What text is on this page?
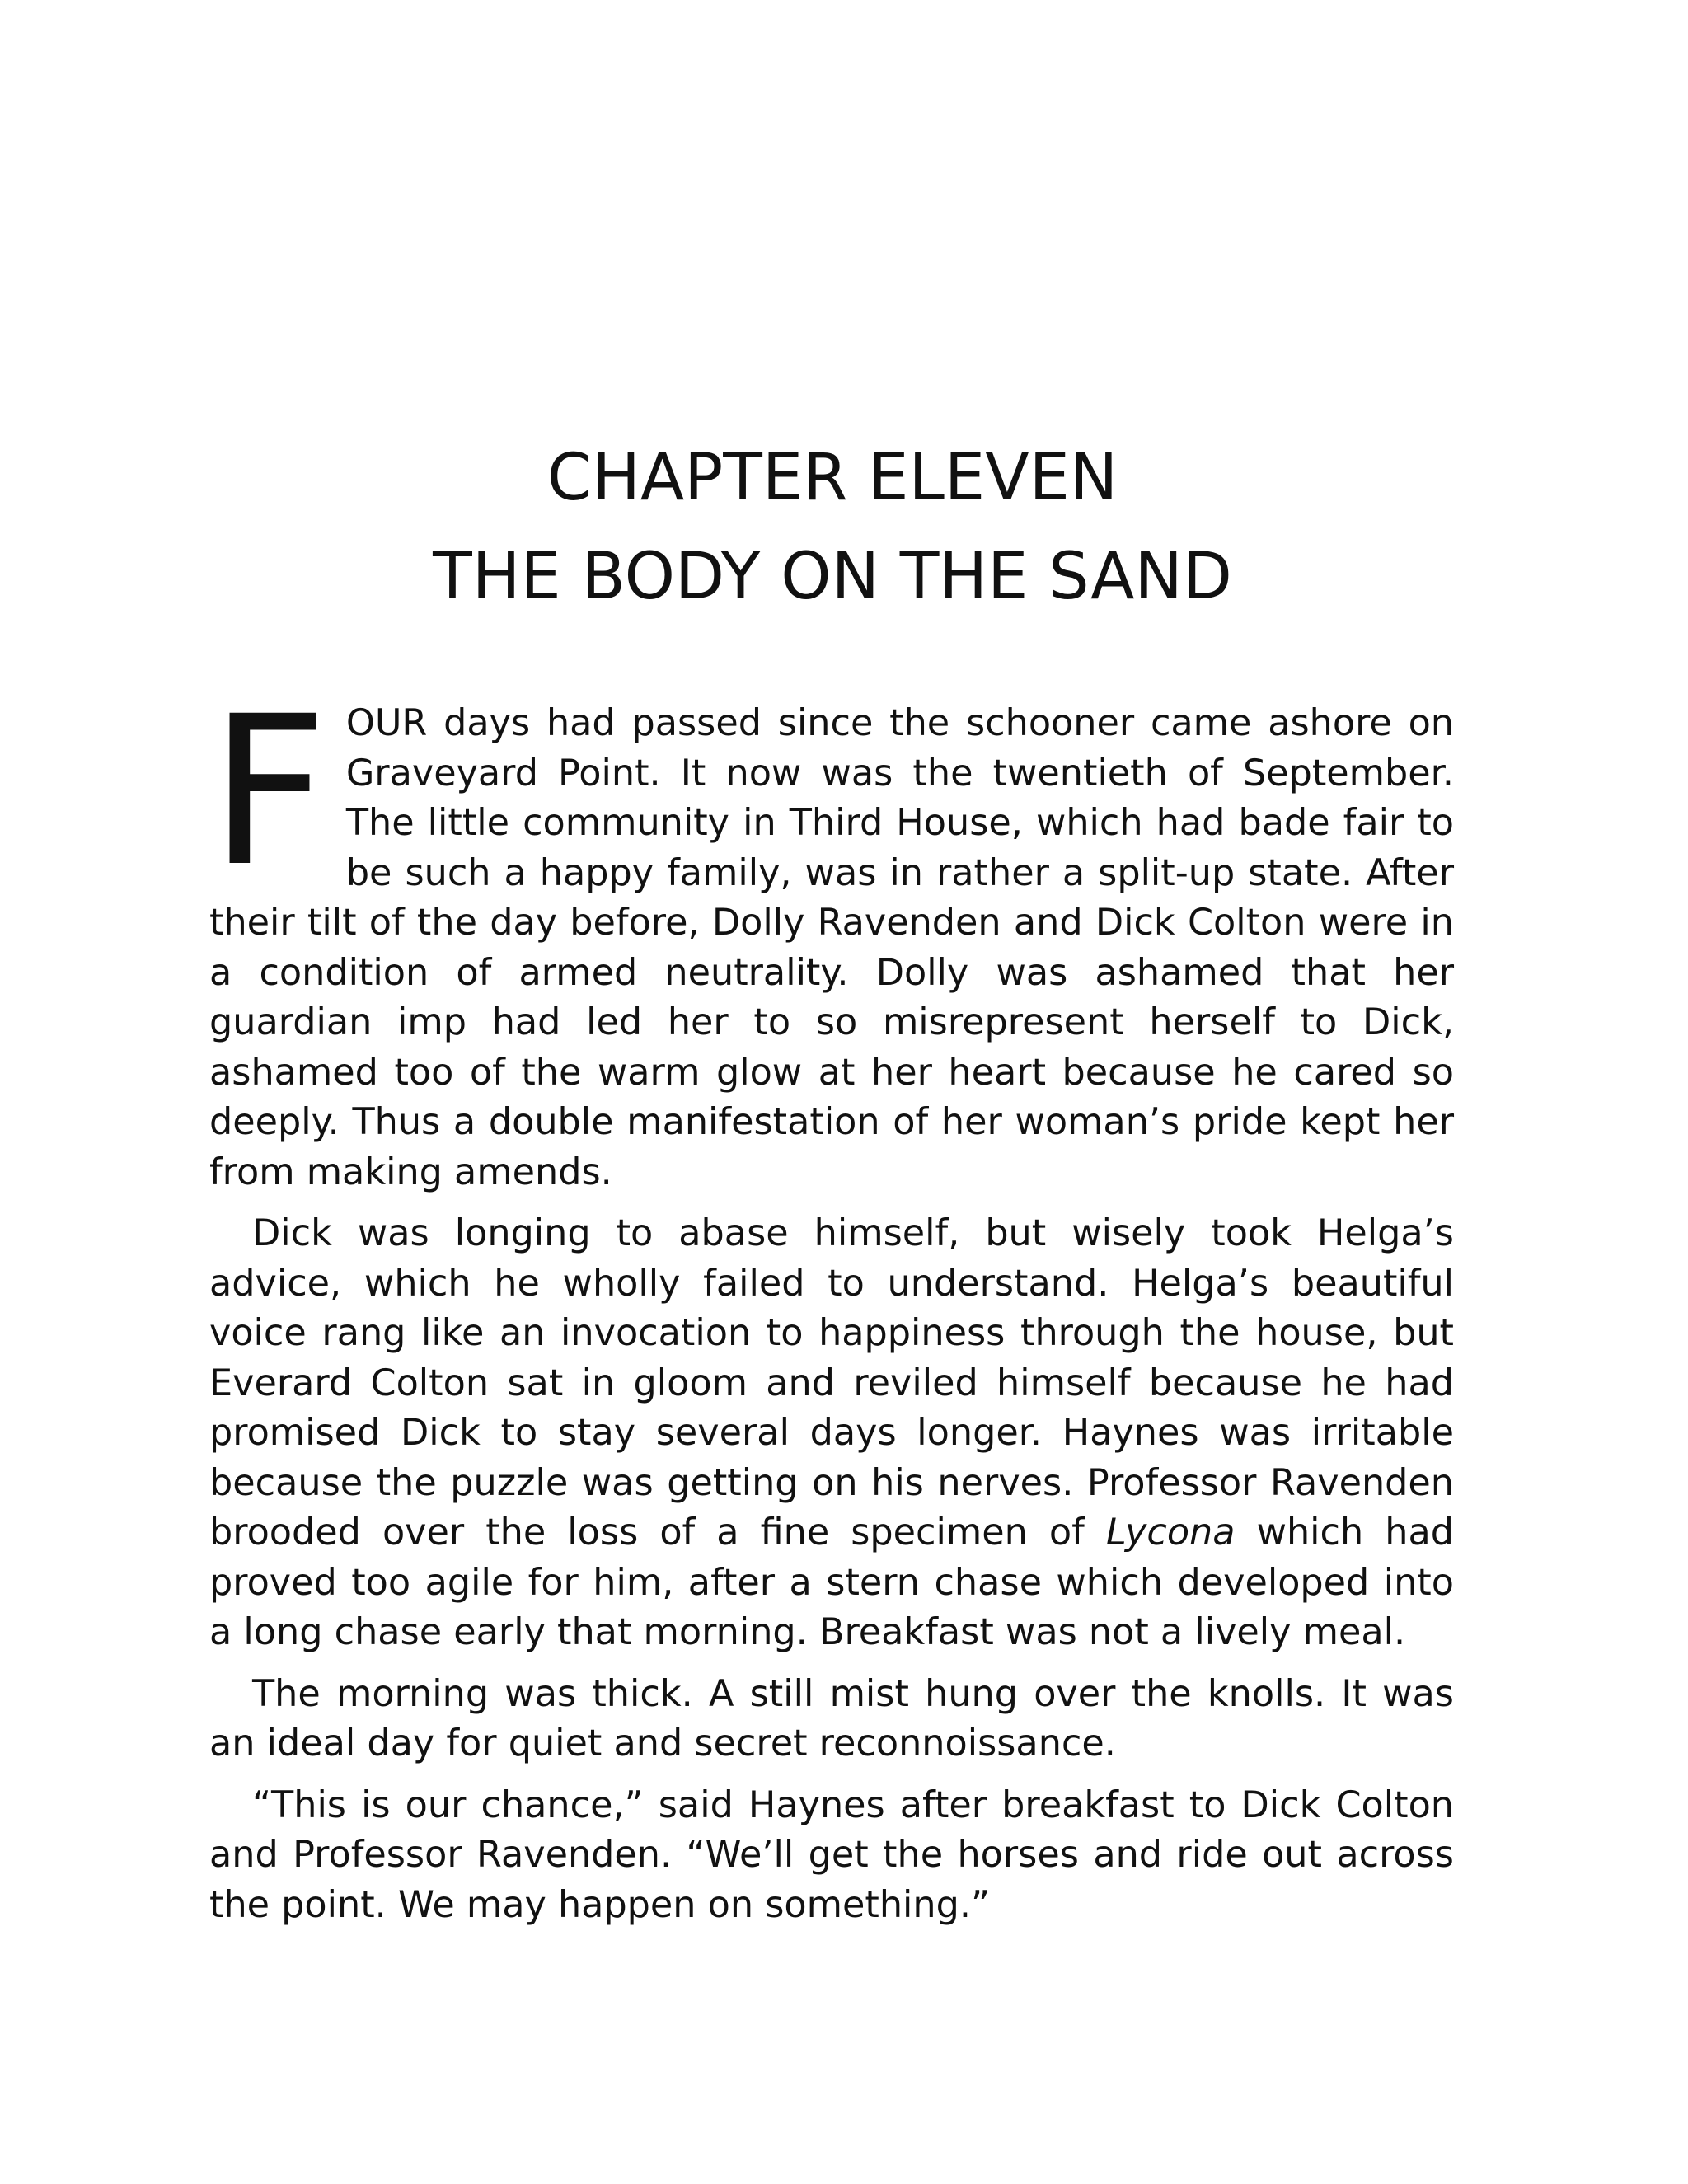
CHAPTER ELEVEN
THE BODY ON THE SAND

FOUR days had passed since the schooner came ashore on Graveyard Point. It now was the twentieth of September. The little community in Third House, which had bade fair to be such a happy family, was in rather a split-up state. After their tilt of the day before, Dolly Ravenden and Dick Colton were in a condition of armed neutrality. Dolly was ashamed that her guardian imp had led her to so misrepresent herself to Dick, ashamed too of the warm glow at her heart because he cared so deeply. Thus a double manifestation of her woman’s pride kept her from making amends.

Dick was longing to abase himself, but wisely took Helga’s advice, which he wholly failed to understand. Helga’s beautiful voice rang like an invocation to happiness through the house, but Everard Colton sat in gloom and reviled himself because he had promised Dick to stay several days longer. Haynes was irritable because the puzzle was getting on his nerves. Professor Ravenden brooded over the loss of a fine specimen of Lycona which had proved too agile for him, after a stern chase which developed into a long chase early that morning. Breakfast was not a lively meal.

The morning was thick. A still mist hung over the knolls. It was an ideal day for quiet and secret reconnoissance.

“This is our chance,” said Haynes after breakfast to Dick Colton and Professor Ravenden. “We’ll get the horses and ride out across the point. We may happen on something.”
